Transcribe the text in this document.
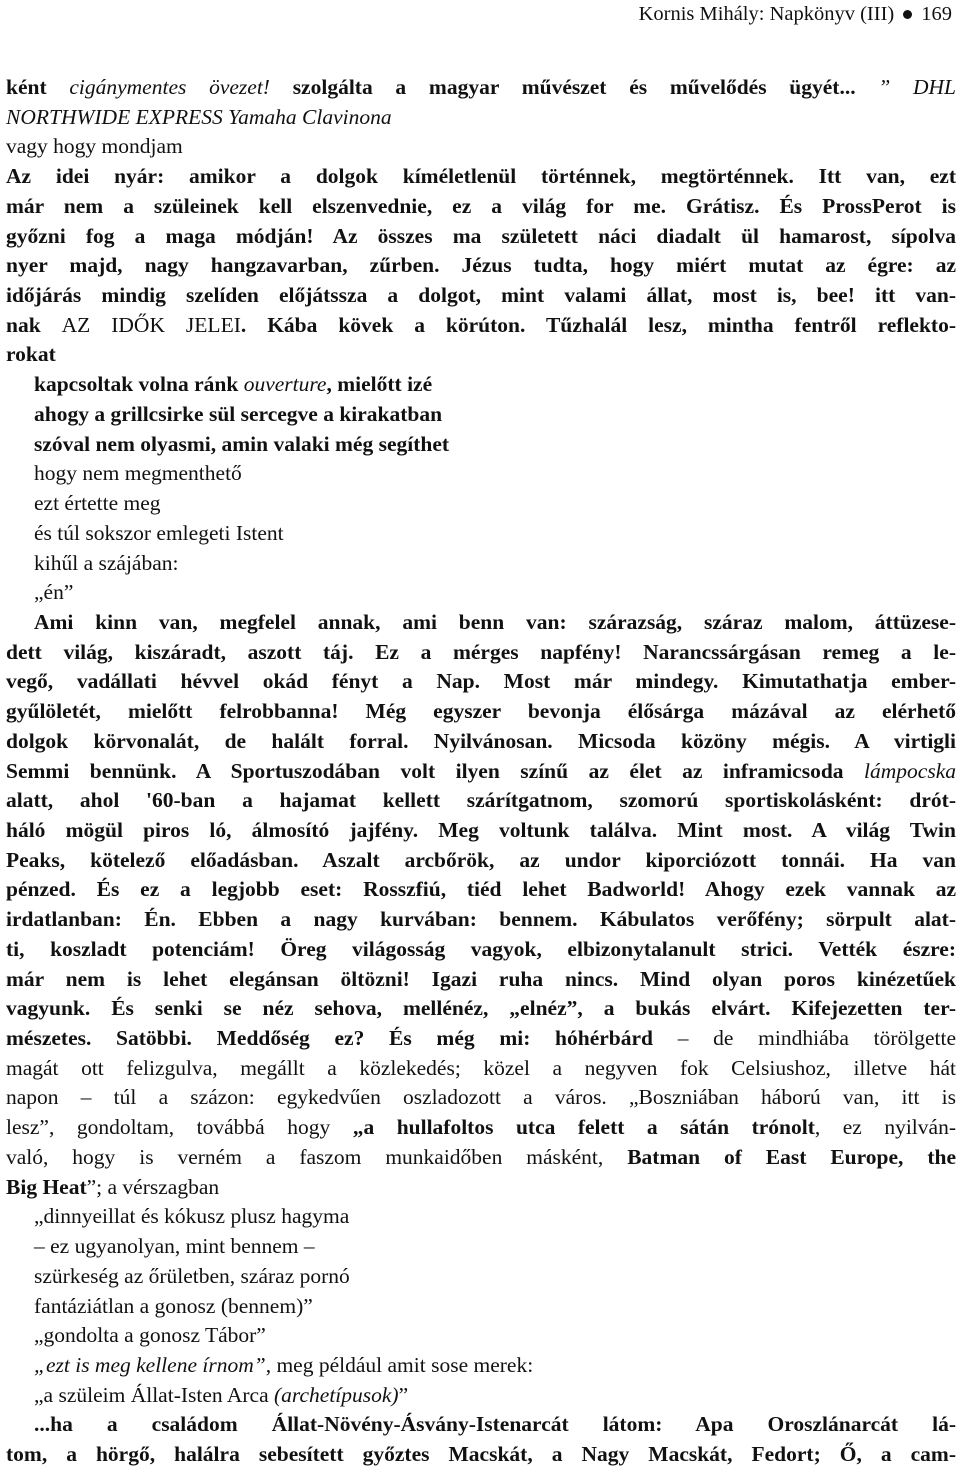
Kornis Mihály: Napkönyv (III) 169
ként cigánymentes övezet! szolgálta a magyar művészet és művelődés ügyét... ” DHL
NORTHWIDE EXPRESS Yamaha Clavinona
vagy hogy mondjam
Az idei nyár: amikor a dolgok kíméletlenül történnek, megtörténnek. Itt van, ezt
már nem a szüleinek kell elszenvednie, ez a világ for me. Grátisz. És ProssPerot is
győzni fog a maga módján! Az összes ma született náci diadalt ül hamarost, sípolva
nyer majd, nagy hangzavarban, zűrben. Jézus tudta, hogy miért mutat az égre: az
időjárás mindig szelíden előjátssza a dolgot, mint valami állat, most is, bee! itt van-
nak AZ IDŐK JELEI. Kába kövek a körúton. Tűzhalál lesz, mintha fentről reflekto-
rokat
kapcsoltak volna ránk ouverture, mielőtt izé
ahogy a grillcsirke sül sercegve a kirakatban
szóval nem olyasmi, amin valaki még segíthet
hogy nem megmenthető
ezt értette meg
és túl sokszor emlegeti Istent
kihűl a szájában:
„én”
Ami kinn van, megfelel annak, ami benn van: szárazság, száraz malom, áttüzese-
dett világ, kiszáradt, aszott táj. Ez a mérges napfény! Narancssárgásan remeg a le-
vegő, vadállati hévvel okád fényt a Nap. Most már mindegy. Kimutathatja ember-
gyűlöletét, mielőtt felrobbanna! Még egyszer bevonja élősárga mázával az elérhető
dolgok körvonalát, de halált forral. Nyilvánosan. Micsoda közöny mégis. A virtigli
Semmi bennünk. A Sportuszodában volt ilyen színű az élet az inframicsoda lámpocska
alatt, ahol '60-ban a hajamat kellett szárítgatnom, szomorú sportiskolásként: drót-
háló mögül piros ló, álmosító jajfény. Meg voltunk találva. Mint most. A világ Twin
Peaks, kötelező előadásban. Aszalt arcbőrök, az undor kiporciózott tonnái. Ha van
pénzed. És ez a legjobb eset: Rosszfiú, tiéd lehet Badworld! Ahogy ezek vannak az
irdatlanban: Én. Ebben a nagy kurvában: bennem. Kábulatos verőfény; sörpult alat-
ti, koszladt potenciám! Öreg világosság vagyok, elbizonytalanult strici. Vették észre:
már nem is lehet elegánsan öltözni! Igazi ruha nincs. Mind olyan poros kinézetűek
vagyunk. És senki se néz sehova, mellénéz, „elnéz”, a bukás elvárt. Kifejezetten ter-
mészetes. Satöbbi. Meddőség ez? És még mi: hóhérbárd – de mindhiába törölgette
magát ott felizgulva, megállt a közlekedés; közel a negyven fok Celsiushoz, illetve hát
napon – túl a százon: egykedvűen oszladozott a város. „Boszniában háború van, itt is
lesz”, gondoltam, továbbá hogy „a hullafoltos utca felett a sátán trónolt, ez nyilván-
való, hogy is verném a faszom munkaidőben másként, Batman of East Europe, the
Big Heat”; a vérszagban
„dinnyeillat és kókusz plusz hagyma
– ez ugyanolyan, mint bennem –
szürkeség az őrületben, száraz pornó
fantáziátlan a gonosz (bennem)”
„gondolta a gonosz Tábor”
„ezt is meg kellene írnom”, meg például amit sose merek:
„a szüleim Állat-Isten Arca (archetípusok)”
...ha a családom Állat-Növény-Ásvány-Istenarcát látom: Apa Oroszlánarcát lá-
tom, a hörgő, halálra sebesített győztes Macskát, a Nagy Macskát, Fedort; Ő, a cam-
